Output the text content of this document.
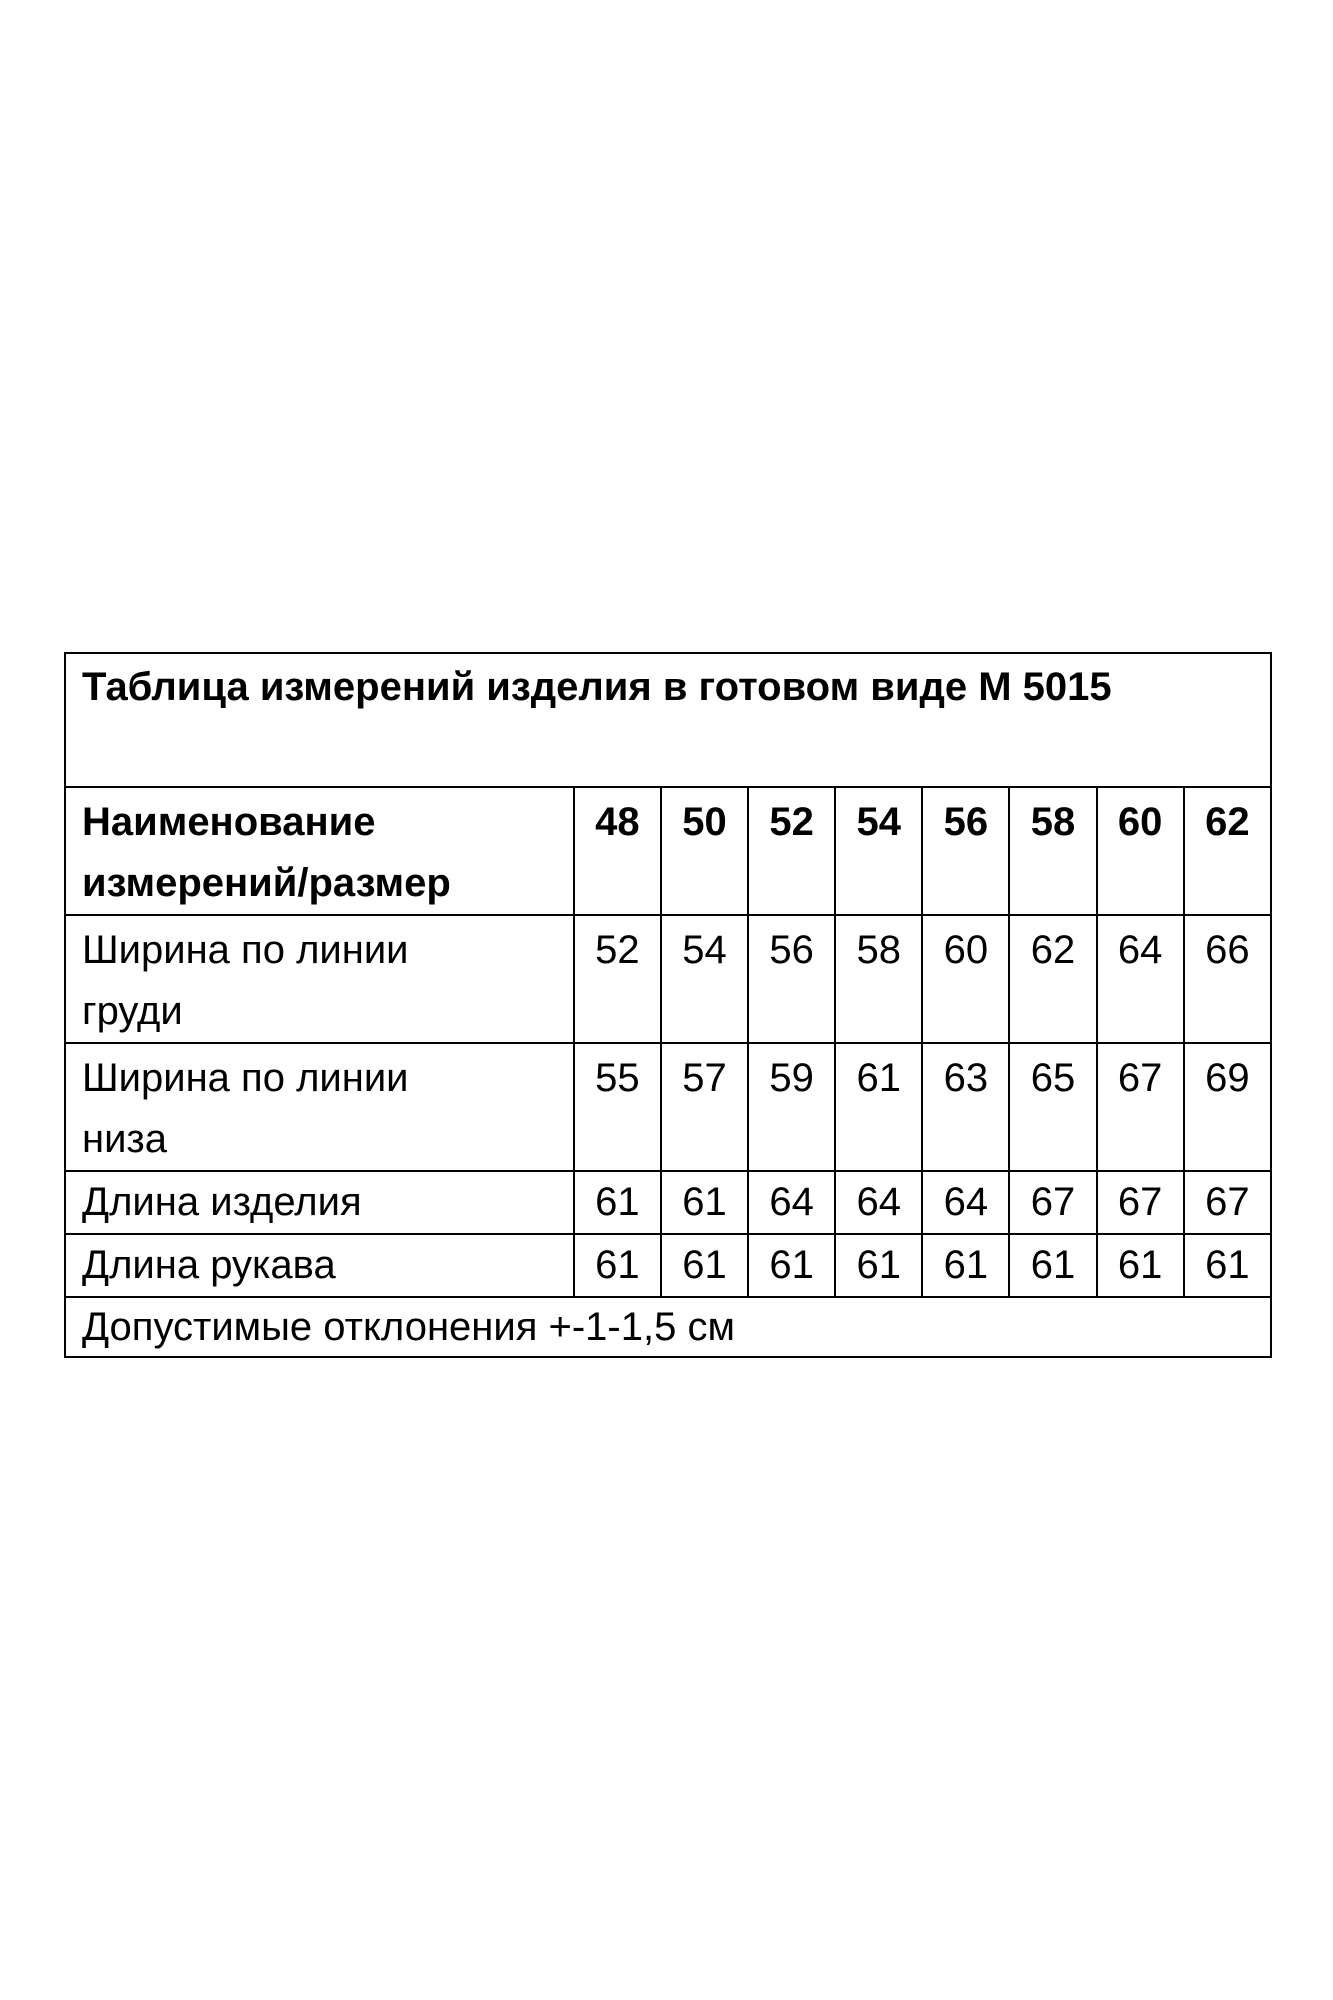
Таблица измерений изделия в готовом виде М 5015								

Наименование
измерений/размер	48	50	52	54	56	58	60	62

Ширина по линии
груди	52	54	56	58	60	62	64	66

Ширина по линии
низа	55	57	59	61	63	65	67	69
Длина изделия	61	61	64	64	64	67	67	67
Длина рукава	61	61	61	61	61	61	61	61
Допустимые отклонения +-1-1,5 см								
